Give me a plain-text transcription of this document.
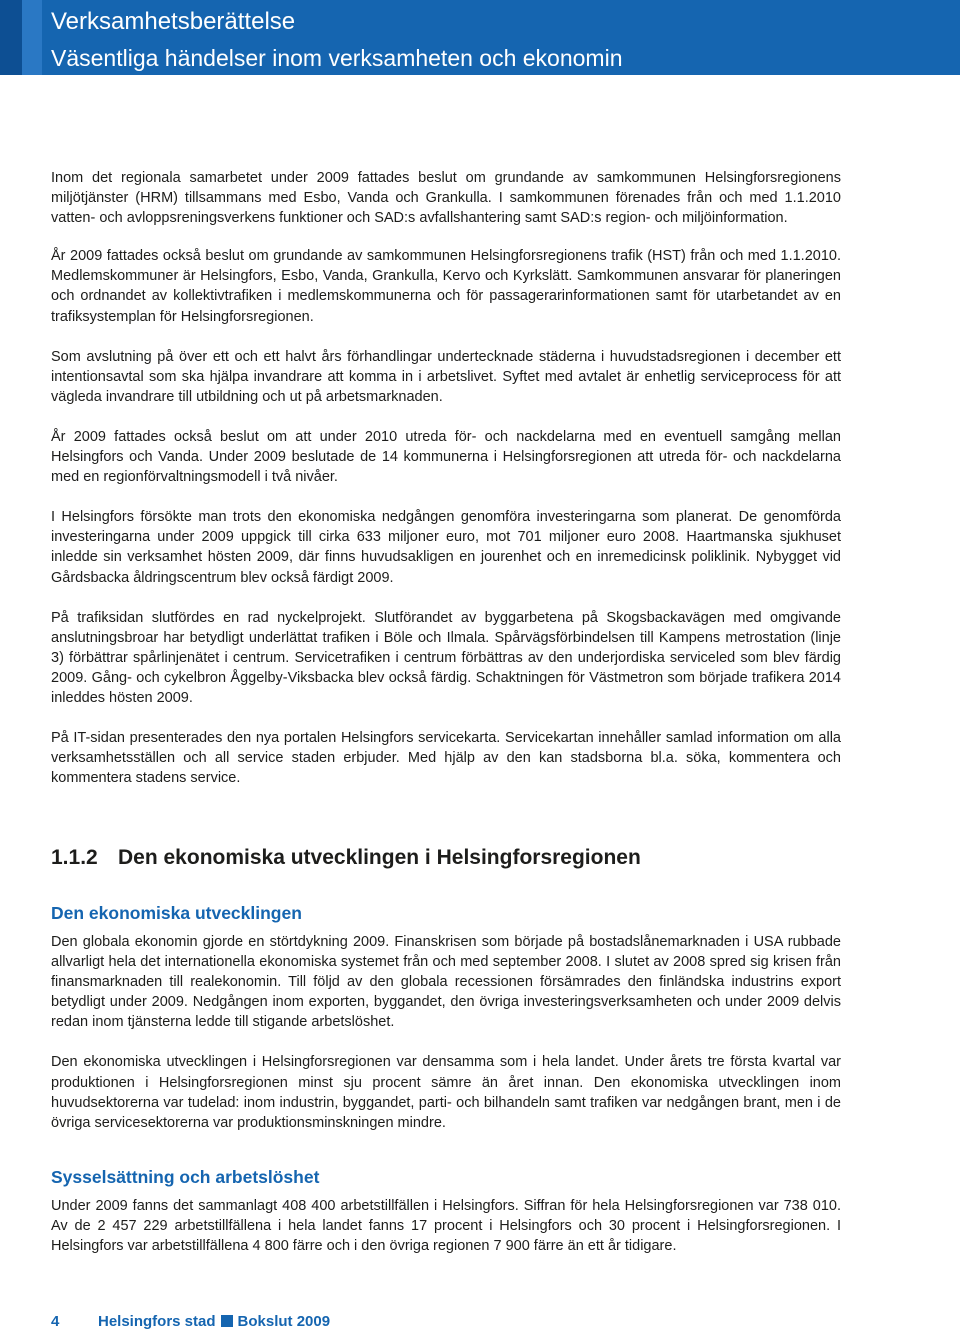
Verksamhetsberättelse
Väsentliga händelser inom verksamheten och ekonomin

Inom det regionala samarbetet under 2009 fattades beslut om grundande av samkommunen Helsingforsregionens miljötjänster (HRM) tillsammans med Esbo, Vanda och Grankulla. I samkommunen förenades från och med 1.1.2010 vatten- och avloppsreningsverkens funktioner och SAD:s avfallshantering samt SAD:s region- och miljöinformation.

År 2009 fattades också beslut om grundande av samkommunen Helsingforsregionens trafik (HST) från och med 1.1.2010. Medlemskommuner är Helsingfors, Esbo, Vanda, Grankulla, Kervo och Kyrkslätt. Samkommunen ansvarar för planeringen och ordnandet av kollektivtrafiken i medlemskommunerna och för passagerarinformationen samt för utarbetandet av en trafiksystemplan för Helsingforsregionen.

Som avslutning på över ett och ett halvt års förhandlingar undertecknade städerna i huvudstadsregionen i december ett intentionsavtal som ska hjälpa invandrare att komma in i arbetslivet. Syftet med avtalet är enhetlig serviceprocess för att vägleda invandrare till utbildning och ut på arbetsmarknaden.

År 2009 fattades också beslut om att under 2010 utreda för- och nackdelarna med en eventuell samgång mellan Helsingfors och Vanda. Under 2009 beslutade de 14 kommunerna i Helsingforsregionen att utreda för- och nackdelarna med en regionförvaltningsmodell i två nivåer.

I Helsingfors försökte man trots den ekonomiska nedgången genomföra investeringarna som planerat. De genomförda investeringarna under 2009 uppgick till cirka 633 miljoner euro, mot 701 miljoner euro 2008. Haartmanska sjukhuset inledde sin verksamhet hösten 2009, där finns huvudsakligen en jourenhet och en inremedicinsk poliklinik. Nybygget vid Gårdsbacka åldringscentrum blev också färdigt 2009.

På trafiksidan slutfördes en rad nyckelprojekt. Slutförandet av byggarbetena på Skogsbackavägen med omgivande anslutningsbroar har betydligt underlättat trafiken i Böle och Ilmala. Spårvägsförbindelsen till Kampens metrostation (linje 3) förbättrar spårlinjenätet i centrum. Servicetrafiken i centrum förbättras av den underjordiska serviceled som blev färdig 2009. Gång- och cykelbron Åggelby-Viksbacka blev också färdig. Schaktningen för Västmetron som började trafikera 2014 inleddes hösten 2009.

På IT-sidan presenterades den nya portalen Helsingfors servicekarta. Servicekartan innehåller samlad information om alla verksamhetsställen och all service staden erbjuder. Med hjälp av den kan stadsborna bl.a. söka, kommentera och kommentera stadens service.

1.1.2 Den ekonomiska utvecklingen i Helsingforsregionen
Den ekonomiska utvecklingen

Den globala ekonomin gjorde en störtdykning 2009. Finanskrisen som började på bostadslånemarknaden i USA rubbade allvarligt hela det internationella ekonomiska systemet från och med september 2008. I slutet av 2008 spred sig krisen från finansmarknaden till realekonomin. Till följd av den globala recessionen försämrades den finländska industrins export betydligt under 2009. Nedgången inom exporten, byggandet, den övriga investeringsverksamheten och under 2009 delvis redan inom tjänsterna ledde till stigande arbetslöshet.

Den ekonomiska utvecklingen i Helsingforsregionen var densamma som i hela landet. Under årets tre första kvartal var produktionen i Helsingforsregionen minst sju procent sämre än året innan. Den ekonomiska utvecklingen inom huvudsektorerna var tudelad: inom industrin, byggandet, parti- och bilhandeln samt trafiken var nedgången brant, men i de övriga servicesektorerna var produktionsminskningen mindre.

Sysselsättning och arbetslöshet

Under 2009 fanns det sammanlagt 408 400 arbetstillfällen i Helsingfors. Siffran för hela Helsingforsregionen var 738 010. Av de 2 457 229 arbetstillfällena i hela landet fanns 17 procent i Helsingfors och 30 procent i Helsingforsregionen. I Helsingfors var arbetstillfällena 4 800 färre och i den övriga regionen 7 900 färre än ett år tidigare.

4	Helsingfors stad Bokslut 2009
